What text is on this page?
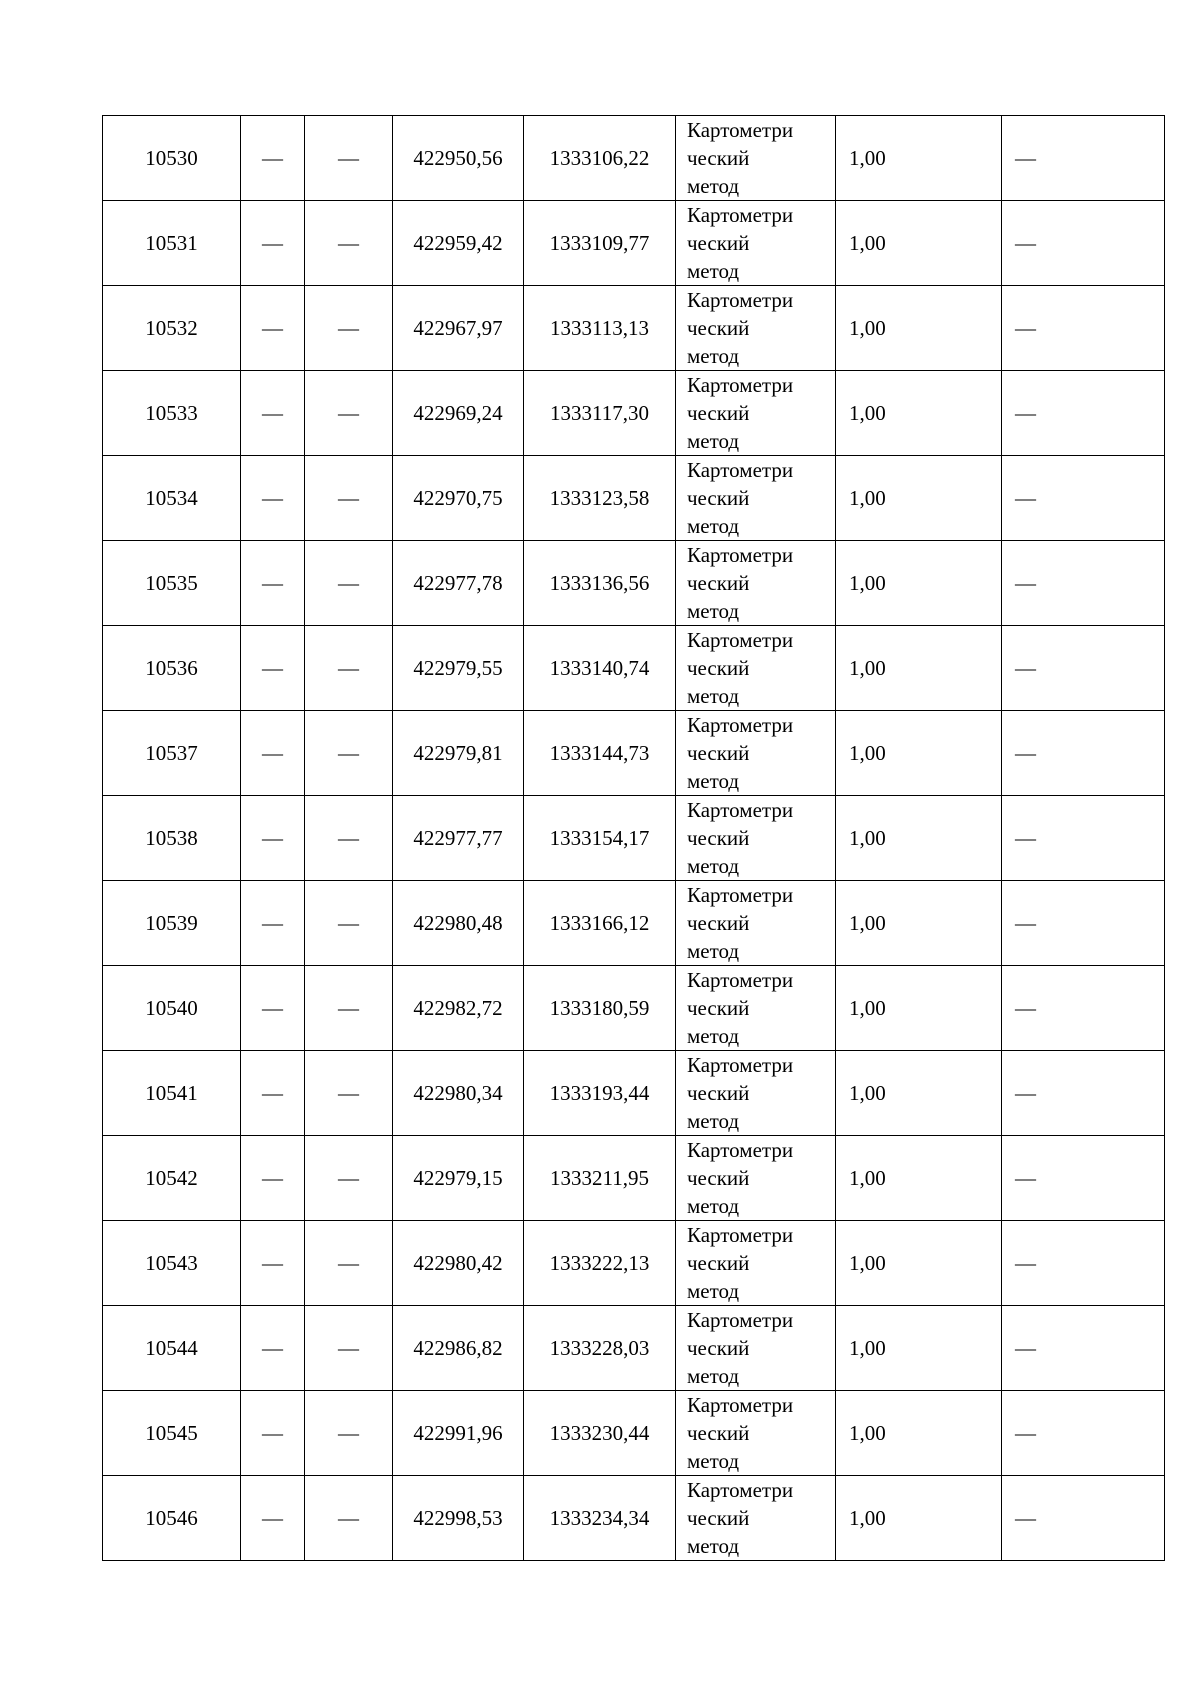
10530	—	—	422950,56	1333106,22	Картометри
ческий
метод	1,00	—
10531	—	—	422959,42	1333109,77	Картометри
ческий
метод	1,00	—
10532	—	—	422967,97	1333113,13	Картометри
ческий
метод	1,00	—
10533	—	—	422969,24	1333117,30	Картометри
ческий
метод	1,00	—
10534	—	—	422970,75	1333123,58	Картометри
ческий
метод	1,00	—
10535	—	—	422977,78	1333136,56	Картометри
ческий
метод	1,00	—
10536	—	—	422979,55	1333140,74	Картометри
ческий
метод	1,00	—
10537	—	—	422979,81	1333144,73	Картометри
ческий
метод	1,00	—
10538	—	—	422977,77	1333154,17	Картометри
ческий
метод	1,00	—
10539	—	—	422980,48	1333166,12	Картометри
ческий
метод	1,00	—
10540	—	—	422982,72	1333180,59	Картометри
ческий
метод	1,00	—
10541	—	—	422980,34	1333193,44	Картометри
ческий
метод	1,00	—
10542	—	—	422979,15	1333211,95	Картометри
ческий
метод	1,00	—
10543	—	—	422980,42	1333222,13	Картометри
ческий
метод	1,00	—
10544	—	—	422986,82	1333228,03	Картометри
ческий
метод	1,00	—
10545	—	—	422991,96	1333230,44	Картометри
ческий
метод	1,00	—
10546	—	—	422998,53	1333234,34	Картометри
ческий
метод	1,00	—
